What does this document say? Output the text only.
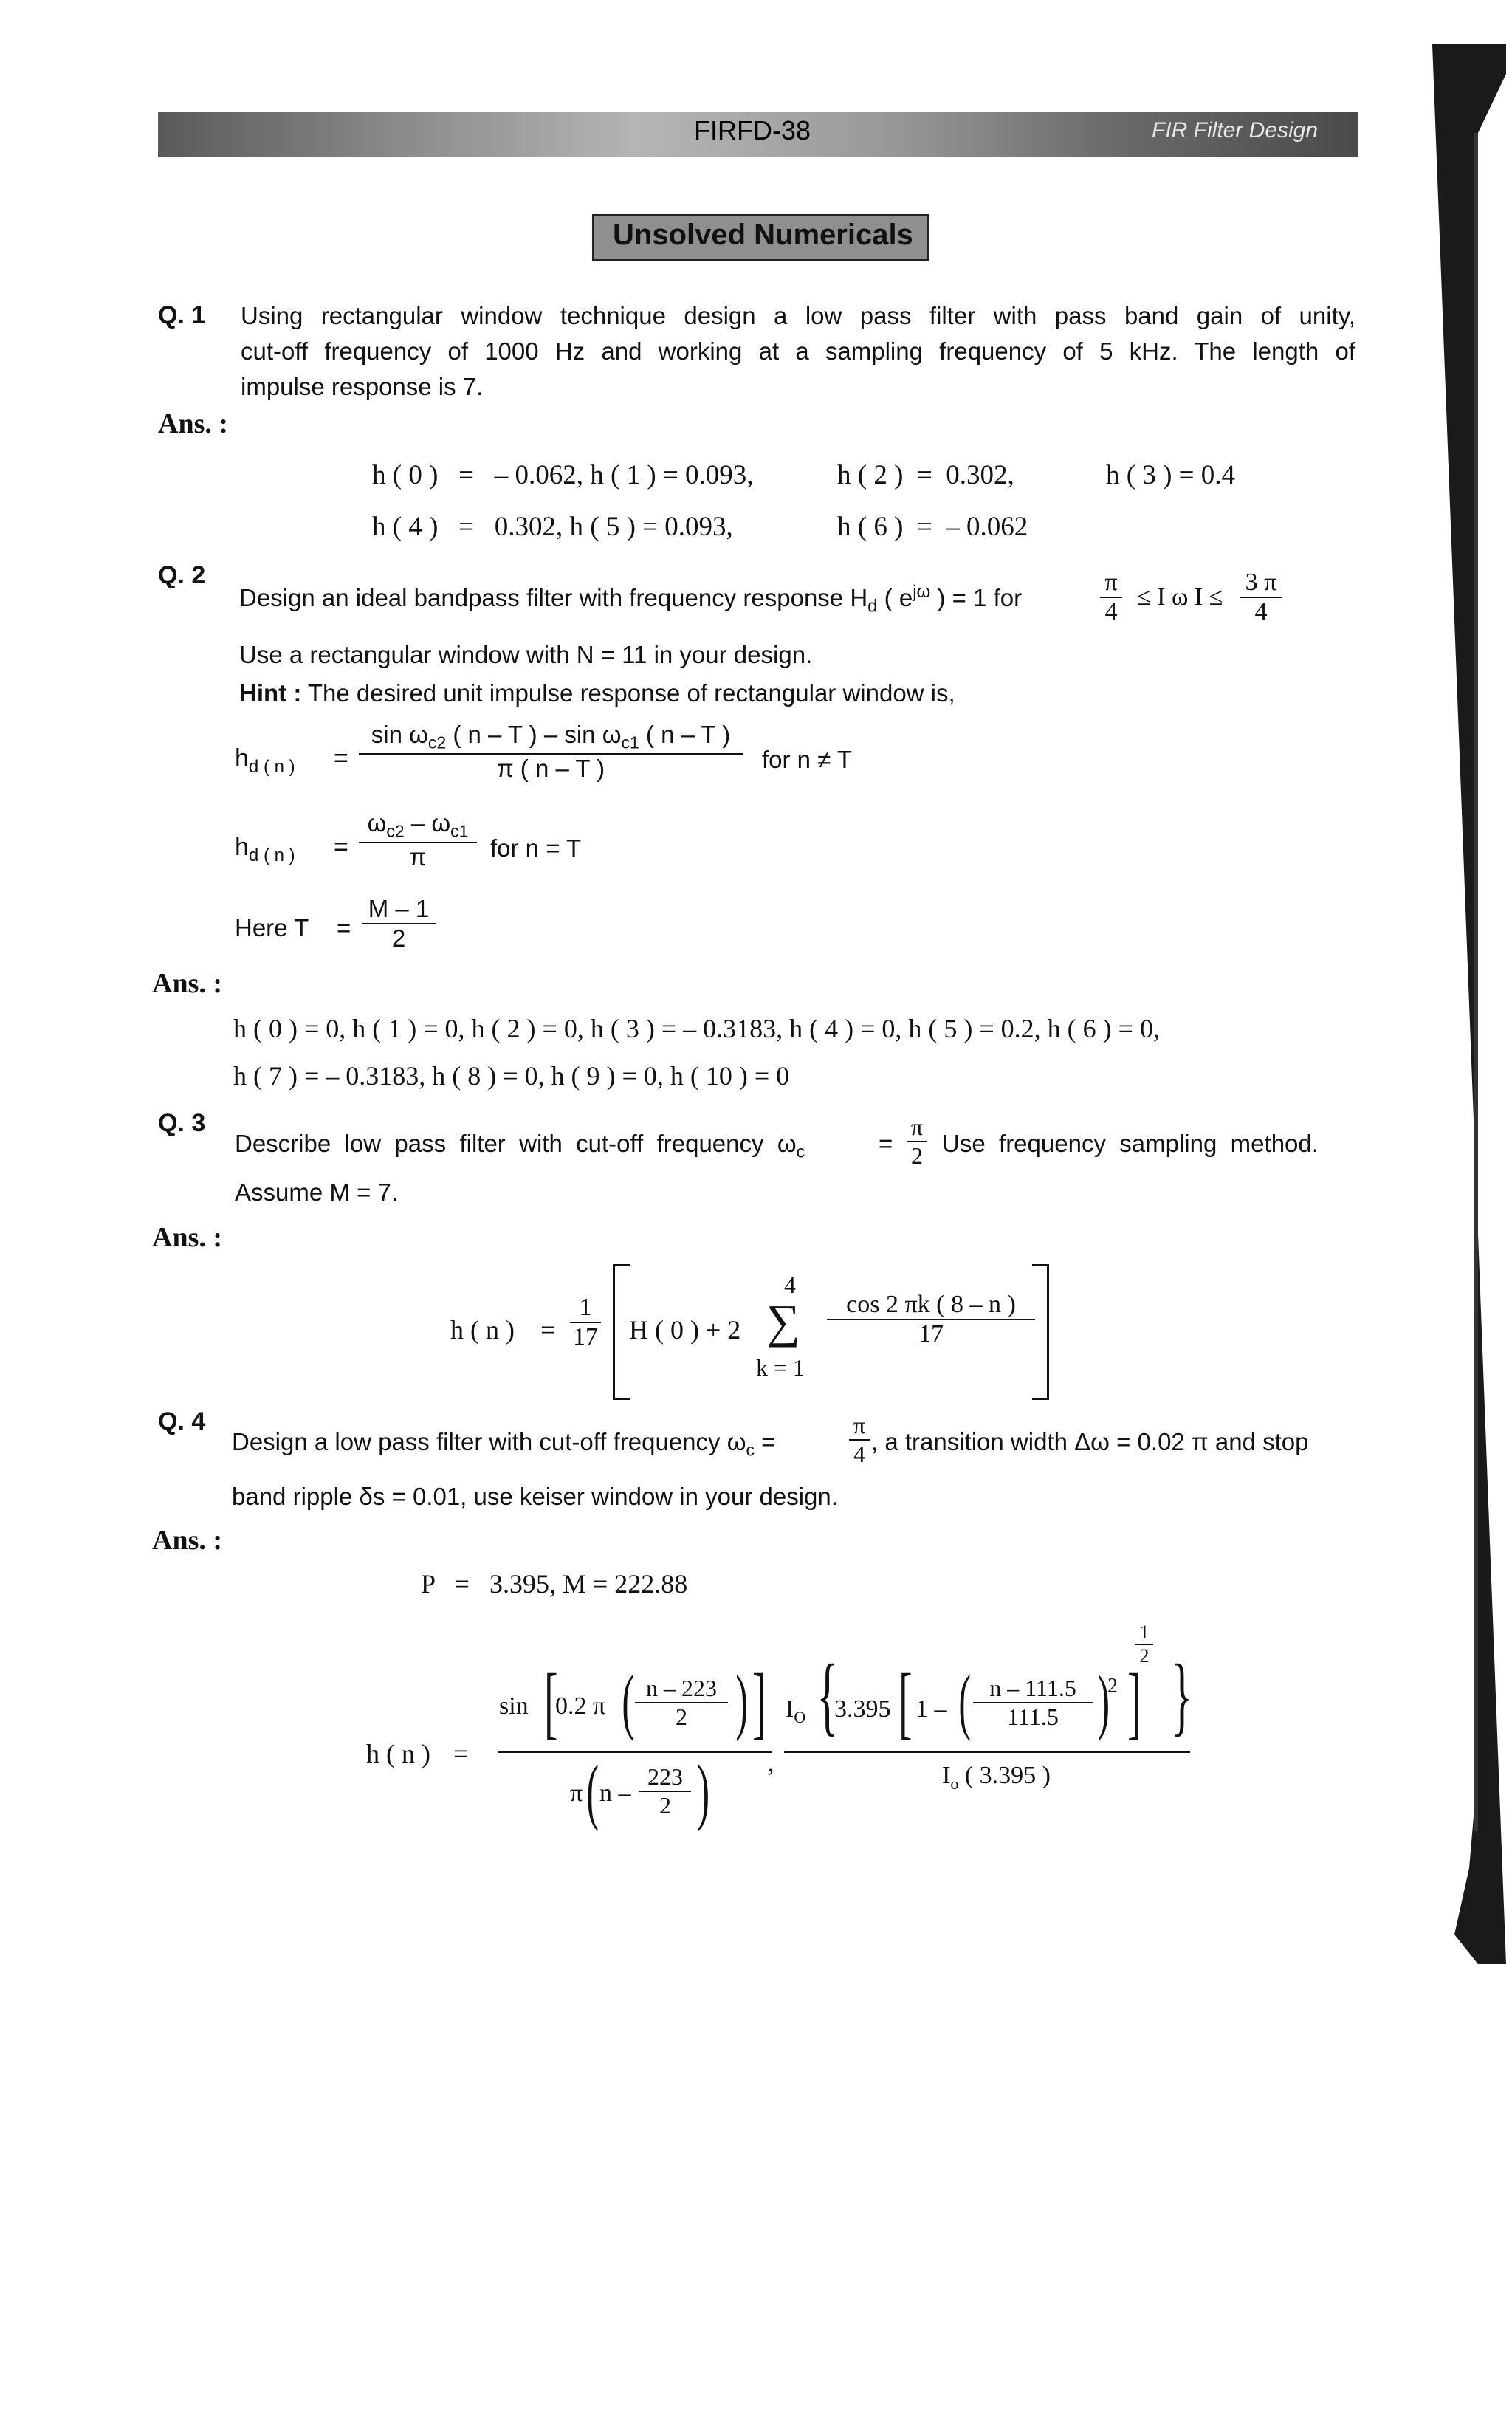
FIRFD-38	FIR Filter Design
Unsolved Numericals
Q. 1 Using rectangular window technique design a low pass filter with pass band gain of unity,
cut-off frequency of 1000 Hz and working at a sampling frequency of 5 kHz. The length of
impulse response is 7.
Ans. :
h ( 0 )   =   – 0.062, h ( 1 ) = 0.093,	h ( 2 )  =  0.302,	h ( 3 ) = 0.4
h ( 4 )   =   0.302, h ( 5 ) = 0.093,	h ( 6 )  =  – 0.062
Q. 2
Design an ideal bandpass filter with frequency response $H_d$ ( $e^{j\omega}$ ) = 1 for
π
4
≤ I ω I ≤
3 π
4
Use a rectangular window with N = 11 in your design.
Hint : The desired unit impulse response of rectangular window is,
$h_{d ( n )}$ =
$\sin \omega_{c2}$ ( n – T ) – $\sin \omega_{c1}$ ( n – T )
π ( n – T )	for n ≠ T
$h_{d ( n )}$ =
$\omega_{c2} - \omega_{c1}$
π	for n = T
Here T =
M – 1
2
Ans. :
h ( 0 ) = 0, h ( 1 ) = 0, h ( 2 ) = 0, h ( 3 ) = – 0.3183, h ( 4 ) = 0, h ( 5 ) = 0.2, h ( 6 ) = 0,
h ( 7 ) = – 0.3183, h ( 8 ) = 0, h ( 9 ) = 0, h ( 10 ) = 0
Q. 3
Describe  low  pass  filter  with  cut-off  frequency  $\omega_c$	=
π
2 Use  frequency  sampling  method.
Assume M = 7.
Ans. :
h ( n ) =
1
17 H ( 0 ) + 2
4
∑
k = 1
cos 2 πk ( 8 – n )
17
Q. 4
Design a low pass filter with cut-off frequency $\omega_c$ =
π
4 , a transition width Δω = 0.02 π and stop
band ripple δs = 0.01, use keiser window in your design.
Ans. :
P   =   3.395, M = 222.88
h ( n ) =
sin [
0.2 π ( n – 223
2 ) ]
π ( n –
223
2 ) ,
$I_O$ {
3.395 [ 1 – ( n – 111.5
111.5 )
2 ]
1
2 }
$I_o$ ( 3.395 )
